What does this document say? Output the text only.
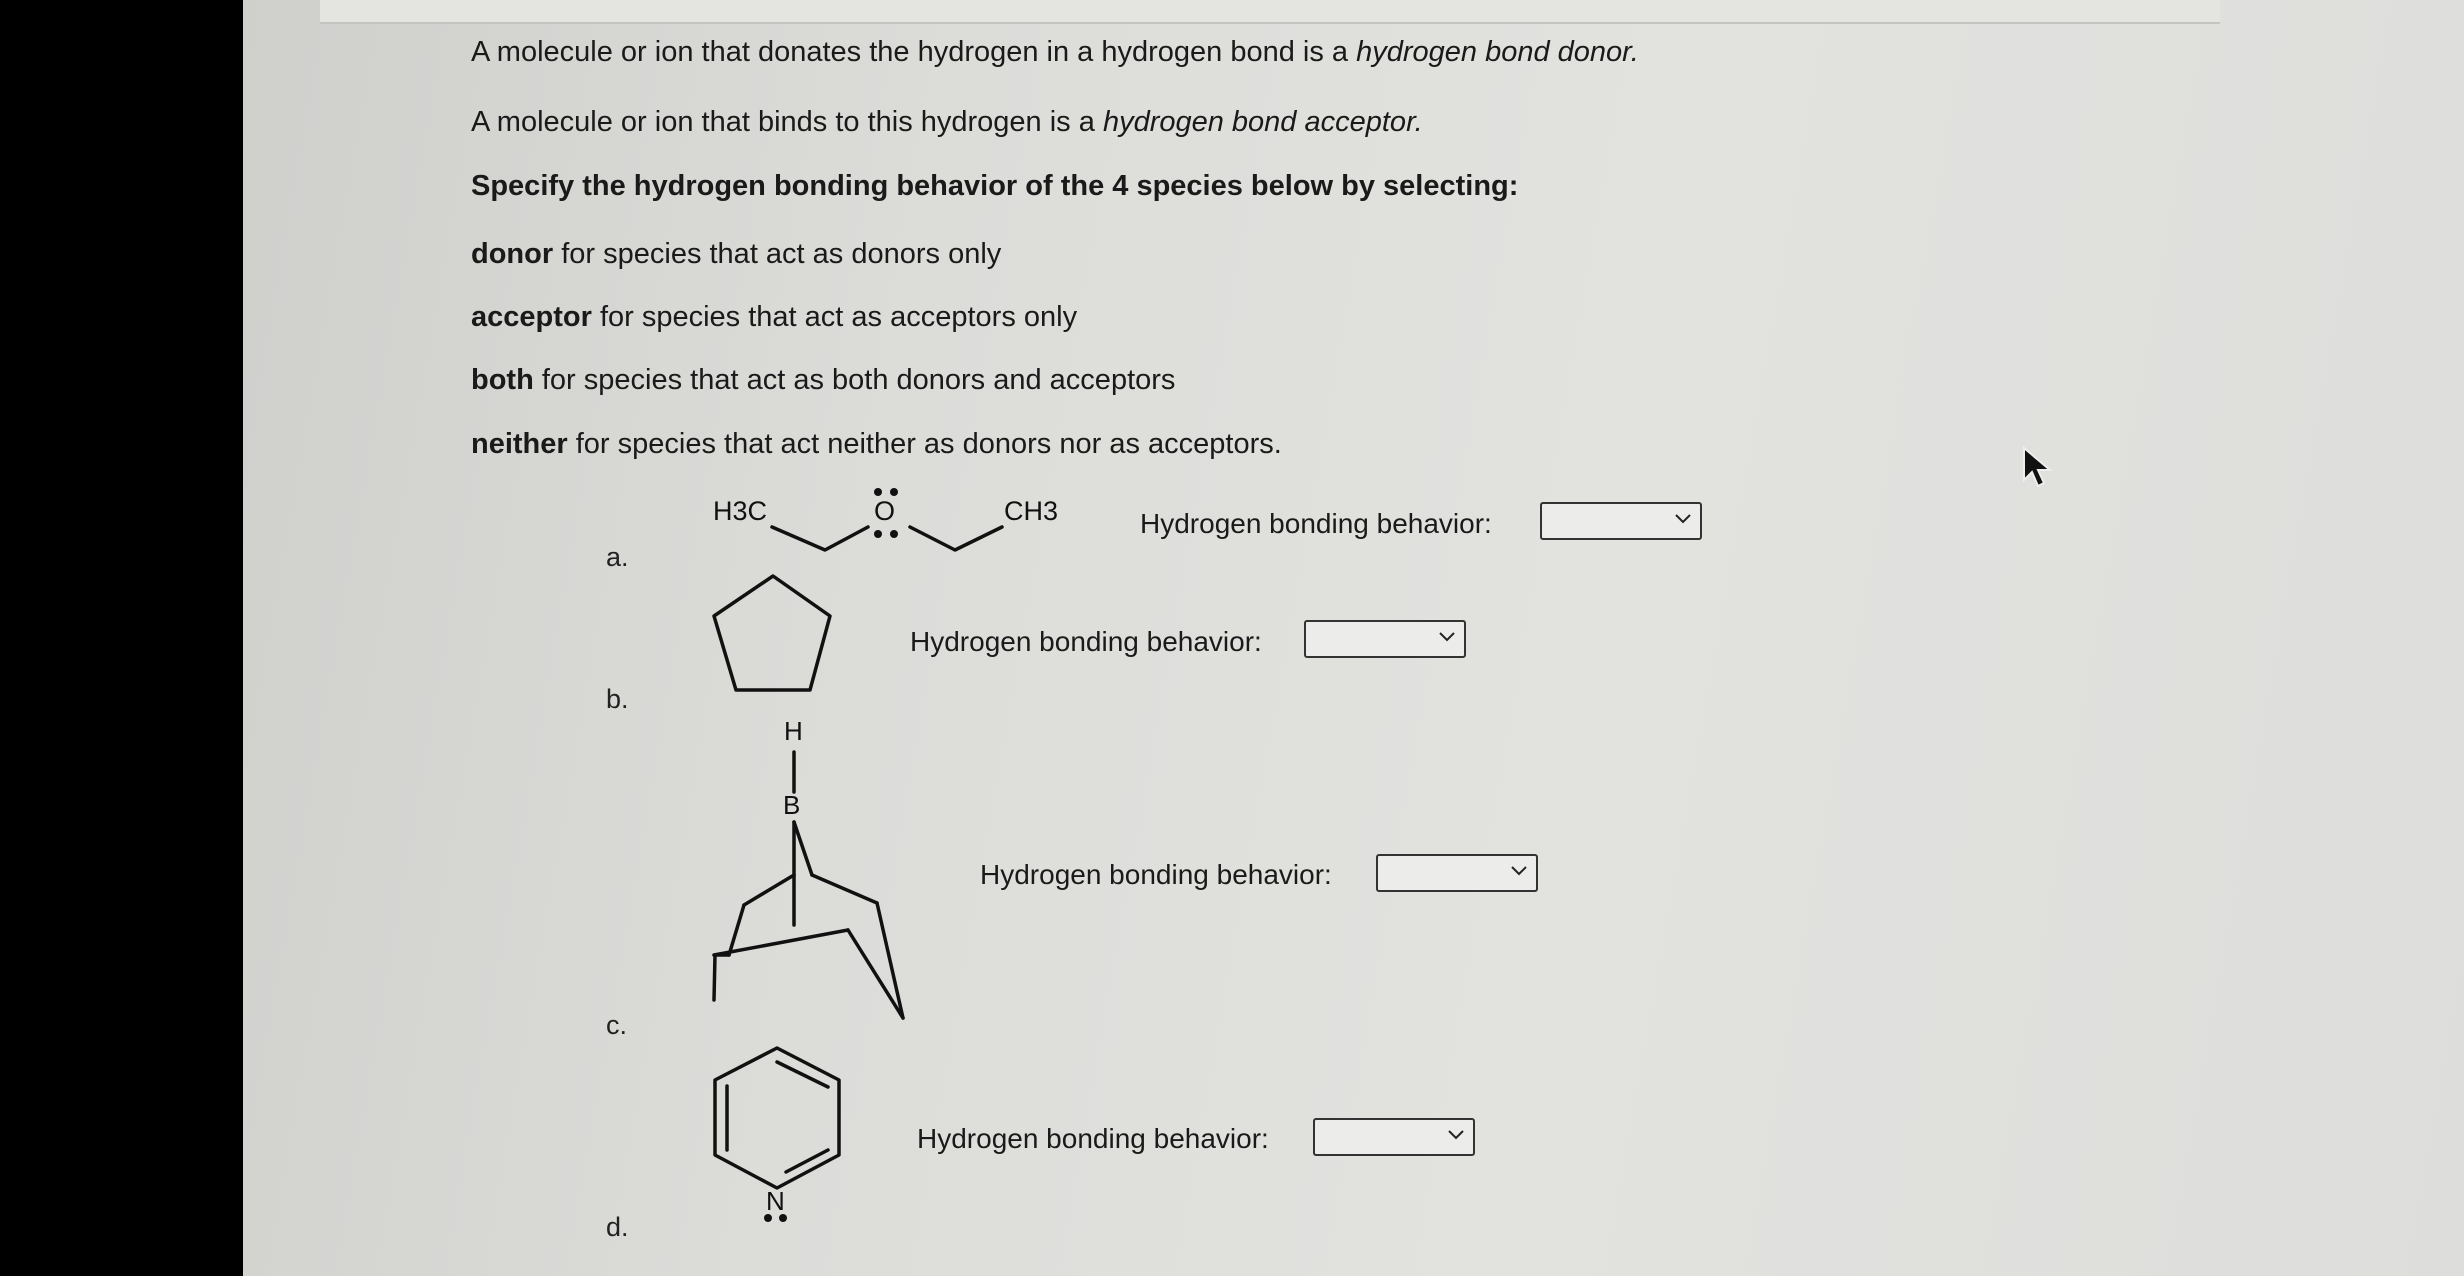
A molecule or ion that donates the hydrogen in a hydrogen bond is a hydrogen bond donor.
A molecule or ion that binds to this hydrogen is a hydrogen bond acceptor.
Specify the hydrogen bonding behavior of the 4 species below by selecting:
donor for species that act as donors only
acceptor for species that act as acceptors only
both for species that act as both donors and acceptors
neither for species that act neither as donors nor as acceptors.
a.
b.
c.
d.
H3C	O	CH3
H
B
N
Hydrogen bonding behavior:
Hydrogen bonding behavior:
Hydrogen bonding behavior:
Hydrogen bonding behavior:
